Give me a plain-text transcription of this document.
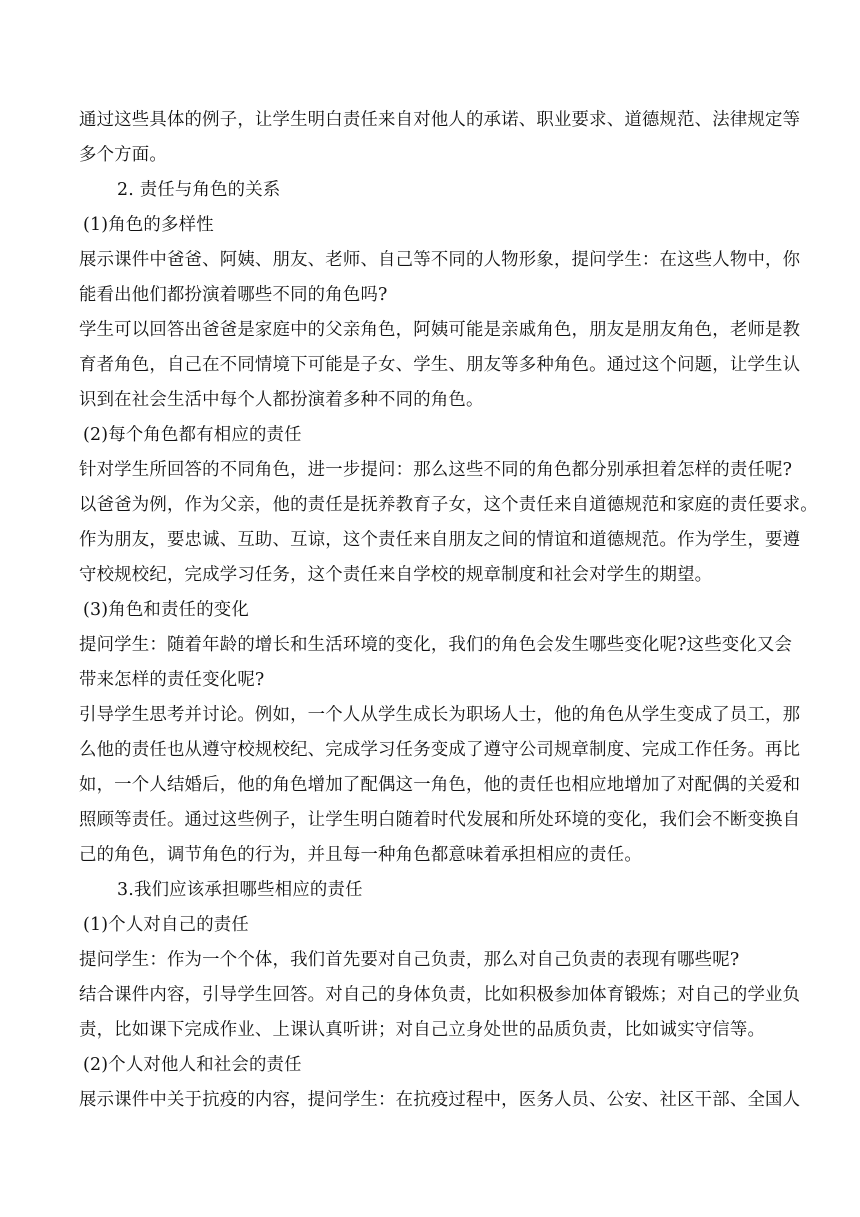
通过这些具体的例子，让学生明白责任来自对他人的承诺、职业要求、道德规范、法律规定等
多个方面。
2. 责任与角色的关系
(1)角色的多样性
展示课件中爸爸、阿姨、朋友、老师、自己等不同的人物形象，提问学生：在这些人物中，你
能看出他们都扮演着哪些不同的角色吗?
学生可以回答出爸爸是家庭中的父亲角色，阿姨可能是亲戚角色，朋友是朋友角色，老师是教
育者角色，自己在不同情境下可能是子女、学生、朋友等多种角色。通过这个问题，让学生认
识到在社会生活中每个人都扮演着多种不同的角色。
(2)每个角色都有相应的责任
针对学生所回答的不同角色，进一步提问：那么这些不同的角色都分别承担着怎样的责任呢?
以爸爸为例，作为父亲，他的责任是抚养教育子女，这个责任来自道德规范和家庭的责任要求。
作为朋友，要忠诚、互助、互谅，这个责任来自朋友之间的情谊和道德规范。作为学生，要遵
守校规校纪，完成学习任务，这个责任来自学校的规章制度和社会对学生的期望。
(3)角色和责任的变化
提问学生：随着年龄的增长和生活环境的变化，我们的角色会发生哪些变化呢?这些变化又会
带来怎样的责任变化呢?
引导学生思考并讨论。例如，一个人从学生成长为职场人士，他的角色从学生变成了员工，那
么他的责任也从遵守校规校纪、完成学习任务变成了遵守公司规章制度、完成工作任务。再比
如，一个人结婚后，他的角色增加了配偶这一角色，他的责任也相应地增加了对配偶的关爱和
照顾等责任。通过这些例子，让学生明白随着时代发展和所处环境的变化，我们会不断变换自
己的角色，调节角色的行为，并且每一种角色都意味着承担相应的责任。
3.我们应该承担哪些相应的责任
(1)个人对自己的责任
提问学生：作为一个个体，我们首先要对自己负责，那么对自己负责的表现有哪些呢?
结合课件内容，引导学生回答。对自己的身体负责，比如积极参加体育锻炼；对自己的学业负
责，比如课下完成作业、上课认真听讲；对自己立身处世的品质负责，比如诚实守信等。
(2)个人对他人和社会的责任
展示课件中关于抗疫的内容，提问学生：在抗疫过程中，医务人员、公安、社区干部、全国人
